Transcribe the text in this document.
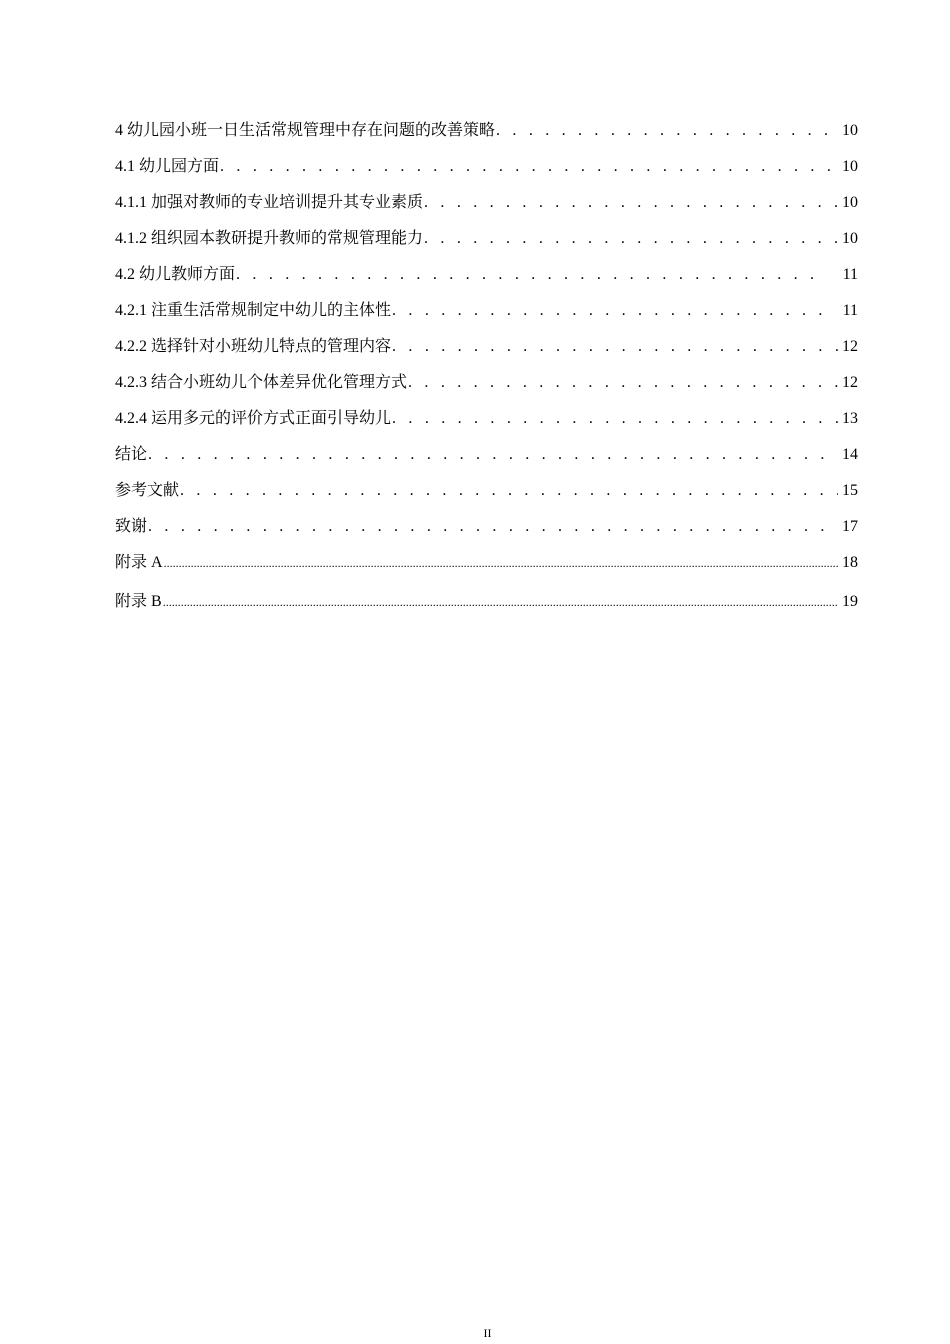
4 幼儿园小班一日生活常规管理中存在问题的改善策略 . . .	10
4.1 幼儿园方面 . . .	10
4.1.1 加强对教师的专业培训提升其专业素质 . . .	10
4.1.2 组织园本教研提升教师的常规管理能力 . . .	10
4.2 幼儿教师方面 . . .	11
4.2.1 注重生活常规制定中幼儿的主体性 . . .	11
4.2.2 选择针对小班幼儿特点的管理内容 . . .	12
4.2.3 结合小班幼儿个体差异优化管理方式 . . .	12
4.2.4 运用多元的评价方式正面引导幼儿 . . .	13
结论 . . .	14
参考文献 . . .	15
致谢 . . .	17
附录 A .....	18
附录 B .....	19
II
